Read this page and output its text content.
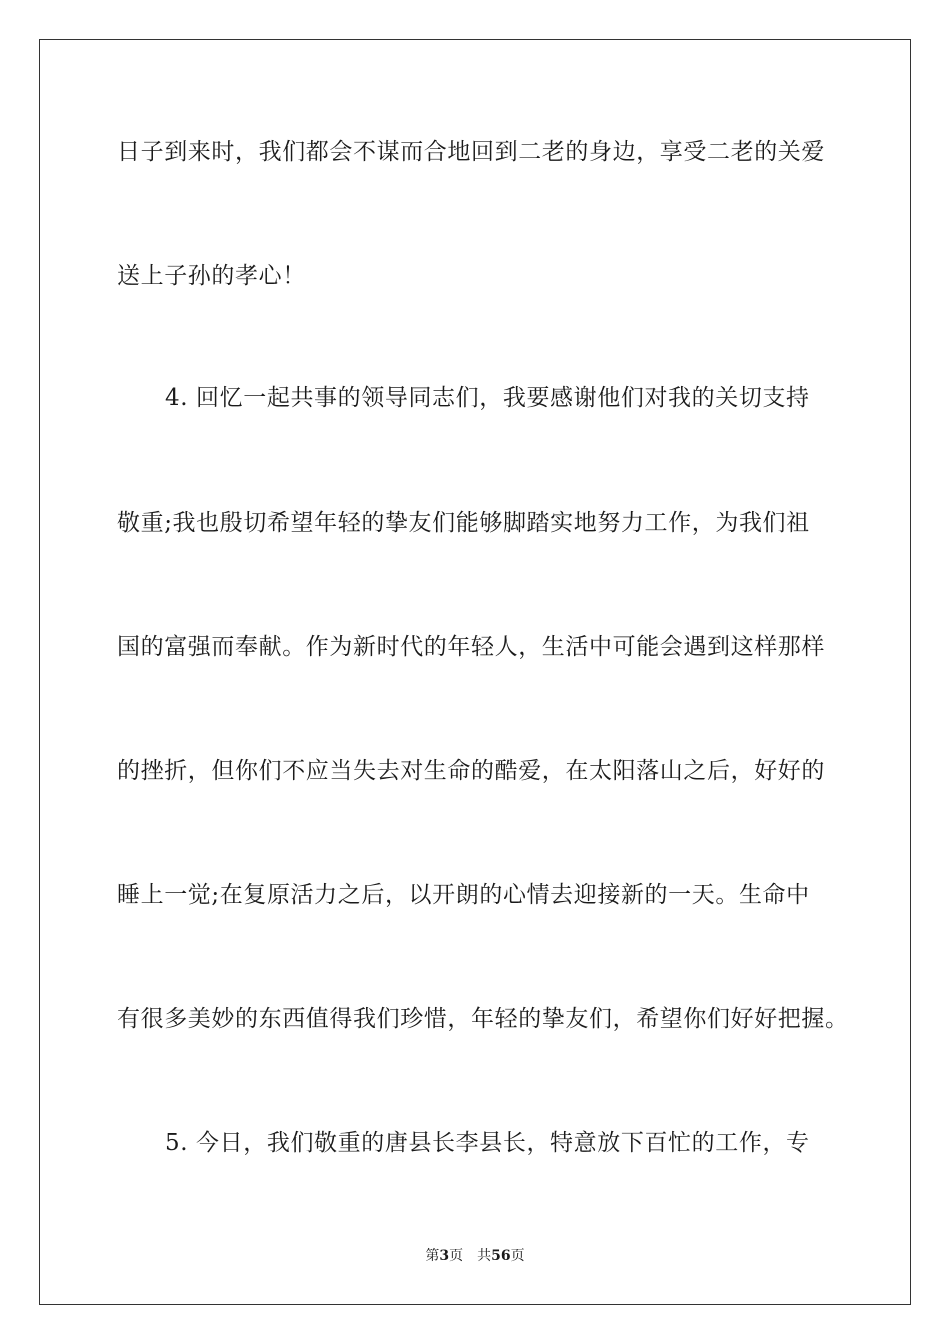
日子到来时，我们都会不谋而合地回到二老的身边，享受二老的关爱
送上子孙的孝心！
4. 回忆一起共事的领导同志们，我要感谢他们对我的关切支持
敬重;我也殷切希望年轻的挚友们能够脚踏实地努力工作，为我们祖
国的富强而奉献。作为新时代的年轻人，生活中可能会遇到这样那样
的挫折，但你们不应当失去对生命的酷爱，在太阳落山之后，好好的
睡上一觉;在复原活力之后，以开朗的心情去迎接新的一天。生命中
有很多美妙的东西值得我们珍惜，年轻的挚友们，希望你们好好把握。
5. 今日，我们敬重的唐县长李县长，特意放下百忙的工作，专
第3页 共56页
